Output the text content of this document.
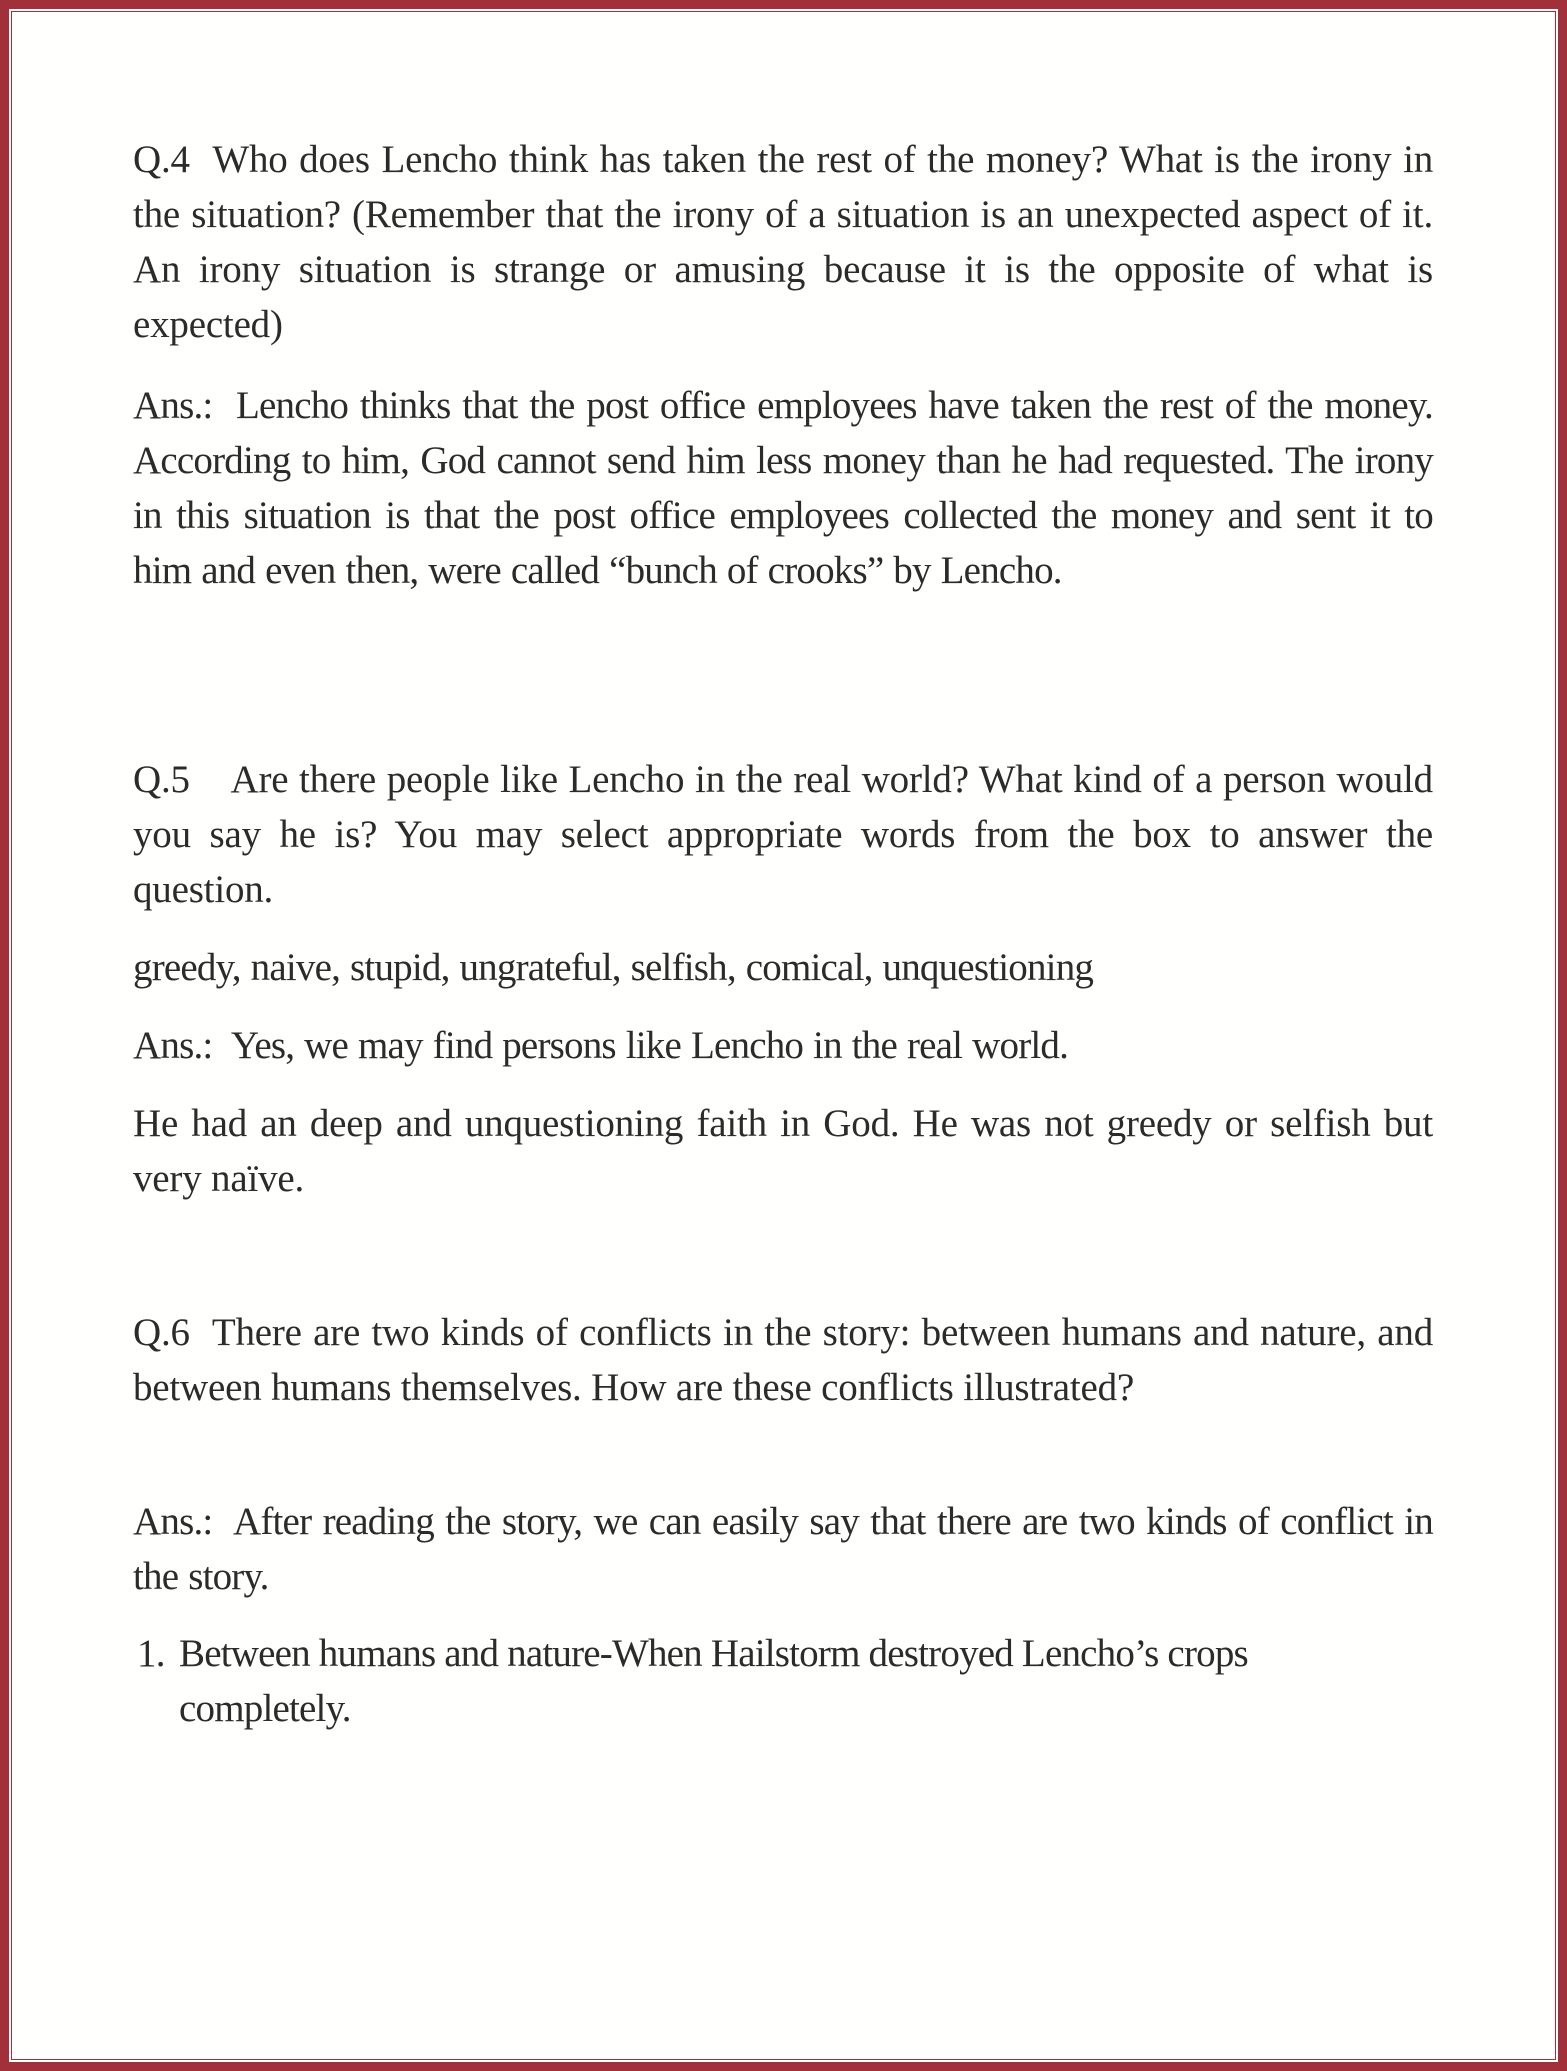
Q.4 Who does Lencho think has taken the rest of the money? What is the irony in the situation? (Remember that the irony of a situation is an unexpected aspect of it. An irony situation is strange or amusing because it is the opposite of what is expected)

Ans.: Lencho thinks that the post office employees have taken the rest of the money. According to him, God cannot send him less money than he had requested. The irony in this situation is that the post office employees collected the money and sent it to him and even then, were called “bunch of crooks” by Lencho.

Q.5 Are there people like Lencho in the real world? What kind of a person would you say he is? You may select appropriate words from the box to answer the question.

greedy, naive, stupid, ungrateful, selfish, comical, unquestioning

Ans.: Yes, we may find persons like Lencho in the real world.

He had an deep and unquestioning faith in God. He was not greedy or selfish but very naïve.

Q.6 There are two kinds of conflicts in the story: between humans and nature, and between humans themselves. How are these conflicts illustrated?

Ans.: After reading the story, we can easily say that there are two kinds of conflict in the story.

1. Between humans and nature-When Hailstorm destroyed Lencho’s crops completely.
